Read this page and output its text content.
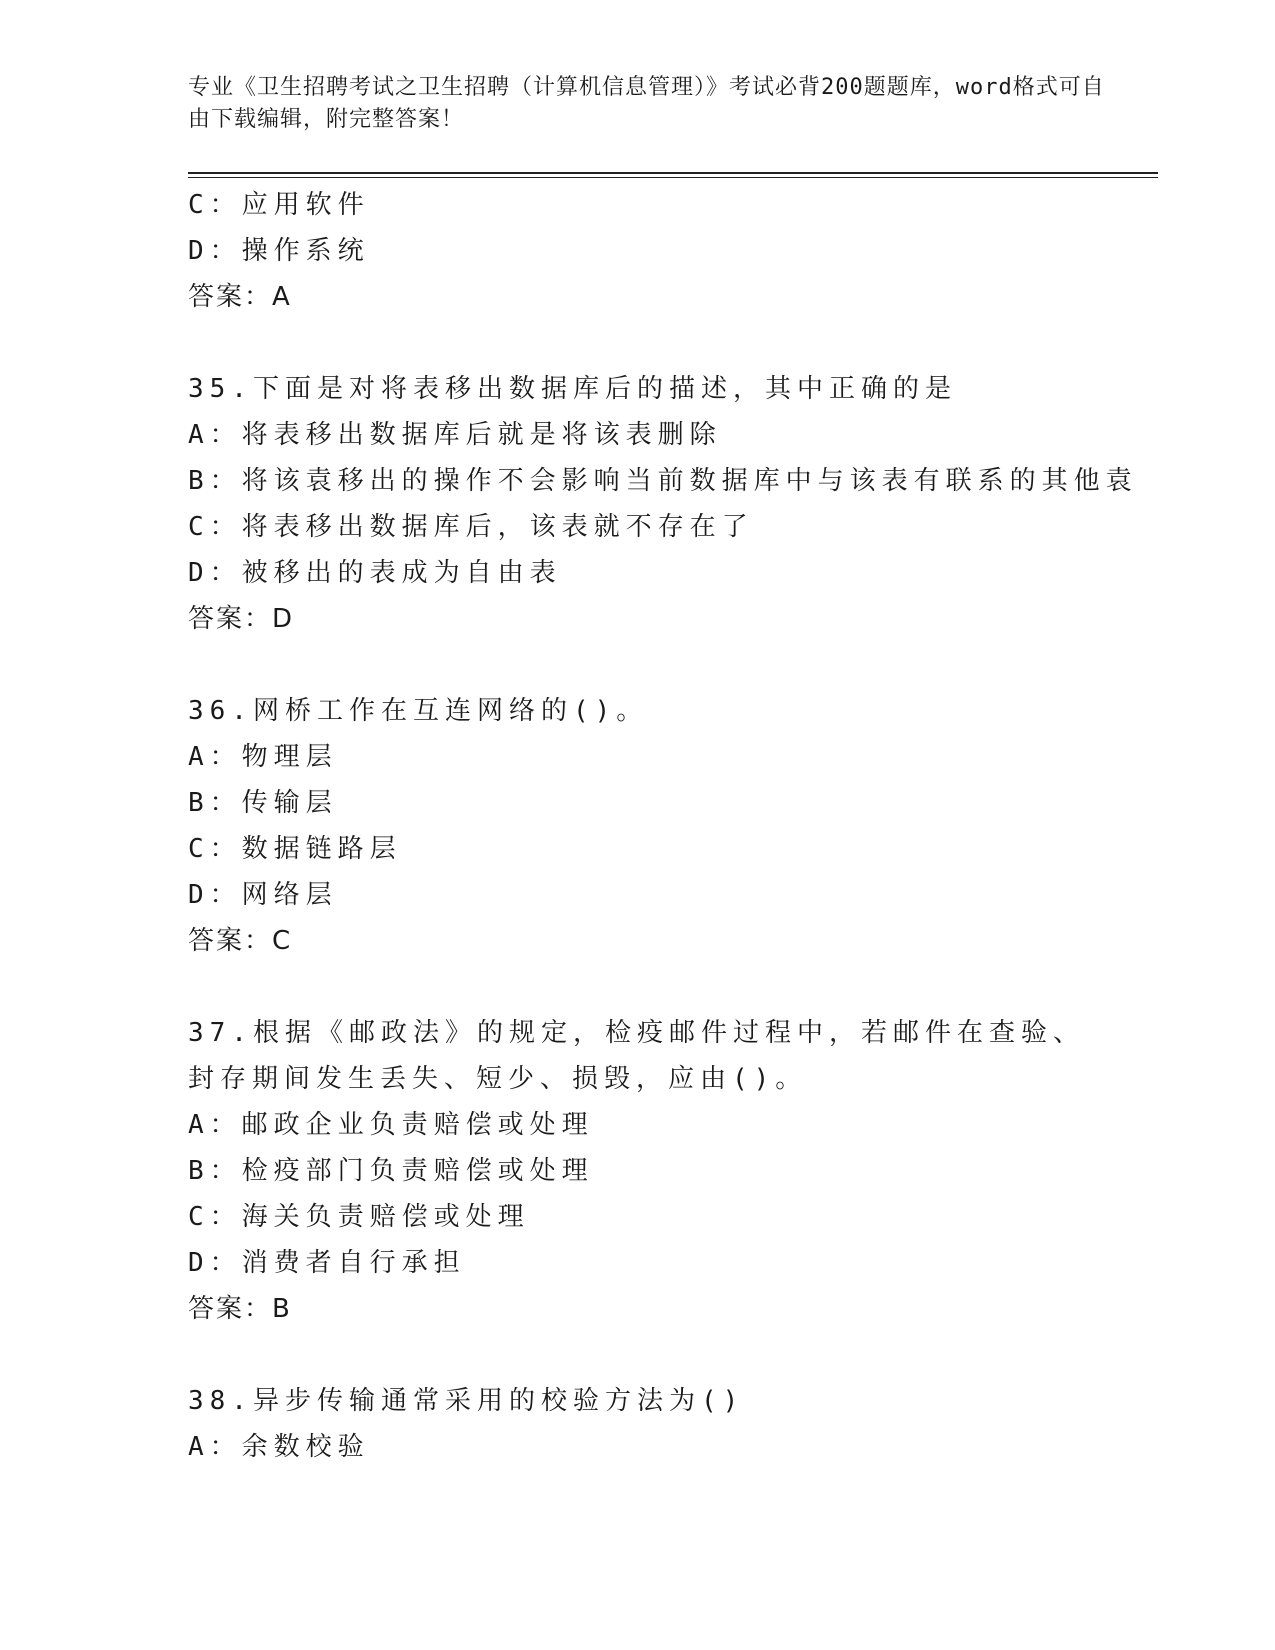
专业《卫生招聘考试之卫生招聘（计算机信息管理）》考试必背200题题库，word格式可自由下载编辑，附完整答案！
C：应用软件
D：操作系统
答案：A
35.下面是对将表移出数据库后的描述，其中正确的是
A：将表移出数据库后就是将该表删除
B：将该袁移出的操作不会影响当前数据库中与该表有联系的其他袁
C：将表移出数据库后，该表就不存在了
D：被移出的表成为自由表
答案：D
36.网桥工作在互连网络的()。
A：物理层
B：传输层
C：数据链路层
D：网络层
答案：C
37.根据《邮政法》的规定，检疫邮件过程中，若邮件在查验、封存期间发生丢失、短少、损毁，应由()。
A：邮政企业负责赔偿或处理
B：检疫部门负责赔偿或处理
C：海关负责赔偿或处理
D：消费者自行承担
答案：B
38.异步传输通常采用的校验方法为()
A：余数校验
